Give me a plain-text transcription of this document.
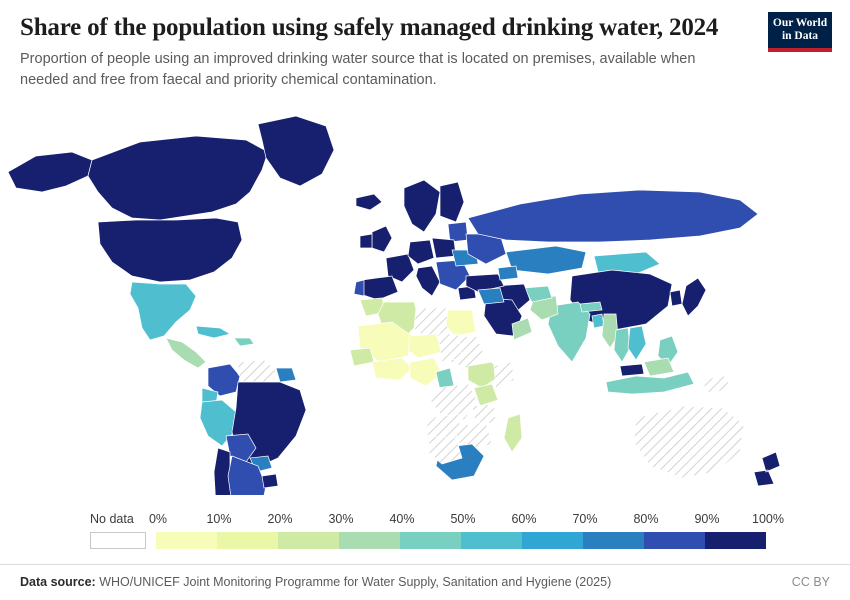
Share of the population using safely managed drinking water, 2024

Proportion of people using an improved drinking water source that is located on premises, available when needed and free from faecal and priority chemical contamination.

Our World
in Data
No data 0%	10%	20%	30%	40%	50%	60%	70%	80%	90%	100%
Data source: WHO/UNICEF Joint Monitoring Programme for Water Supply, Sanitation and Hygiene (2025)	CC BY
